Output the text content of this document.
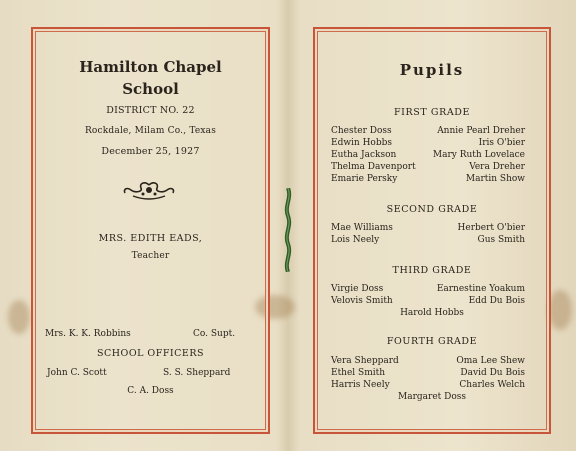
Hamilton Chapel
School
DISTRICT NO. 22
Rockdale, Milam Co., Texas
December 25, 1927
MRS. EDITH EADS,
Teacher
Mrs. K. K. Robbins	Co. Supt.
SCHOOL OFFICERS
John C. Scott	S. S. Sheppard
C. A. Doss
Pupils
FIRST GRADE
Chester Doss
Edwin Hobbs
Eutha Jackson
Thelma Davenport
Emarie Persky
Annie Pearl Dreher
Iris O'bier
Mary Ruth Lovelace
Vera Dreher
Martin Show
SECOND GRADE
Mae Williams
Lois Neely
Herbert O'bier
Gus Smith
THIRD GRADE
Virgie Doss
Velovis Smith
Earnestine Yoakum
Edd Du Bois
Harold Hobbs
FOURTH GRADE
Vera Sheppard
Ethel Smith
Harris Neely
Oma Lee Shew
David Du Bois
Charles Welch
Margaret Doss
